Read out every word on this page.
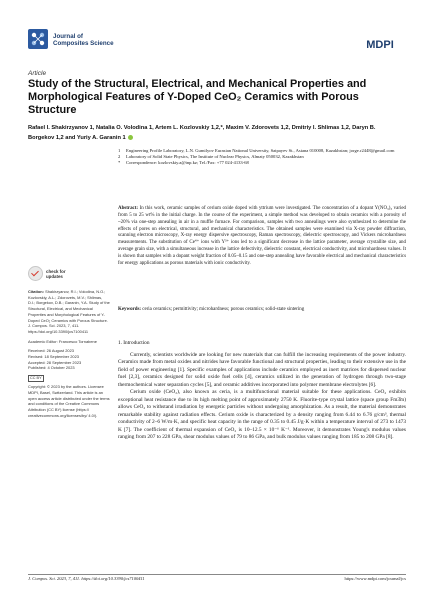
Journal of
Composites Science	MDPI
Article
Study of the Structural, Electrical, and Mechanical Properties and Morphological Features of Y-Doped CeO₂ Ceramics with Porous Structure
Rafael I. Shakirzyanov 1, Natalia O. Volodina 1, Artem L. Kozlovskiy 1,2,*, Maxim V. Zdorovets 1,2, Dmitriy I. Shlimas 1,2, Daryn B. Borgekov 1,2 and Yuriy A. Garanin 1
1	Engineering Profile Laboratory, L.N. Gumilyov Eurasian National University, Satpayev St., Astana 010008, Kazakhstan; jorge.r2448@gmail.com
2	Laboratory of Solid State Physics, The Institute of Nuclear Physics, Almaty 050032, Kazakhstan
*	Correspondence: kozlovskiy.a@inp.kz; Tel./Fax: +77 024-4133-68
Abstract: In this work, ceramic samples of cerium oxide doped with yttrium were investigated. The concentration of a dopant Y(NO₃)₃ varied from 5 to 25 wt% in the initial charge. In the course of the experiment, a simple method was developed to obtain ceramics with a porosity of ~20% via one-step annealing in air in a muffle furnace. For comparison, samples with two annealings were also synthesized to determine the effects of pores on electrical, structural, and mechanical characteristics. The obtained samples were examined via X-ray powder diffraction, scanning electron microscopy, X-ray energy dispersive spectroscopy, Raman spectroscopy, dielectric spectroscopy, and Vickers microhardness measurements. The substitution of Ce⁴⁺ ions with Y³⁺ ions led to a significant decrease in the lattice parameter, average crystallite size, and average grain size, with a simultaneous increase in the lattice defectivity, dielectric constant, electrical conductivity, and microhardness values. It is shown that samples with a dopant weight fraction of 0.05–0.15 and one-step annealing have favorable electrical and mechanical characteristics for energy applications as porous materials with ionic conductivity.
Keywords: ceria ceramics; permittivity; microhardness; porous ceramics; solid-state sintering
check for
updates
Citation: Shakirzyanov, R.I.; Volodina, N.O.; Kozlovskiy, A.L.; Zdorovets, M.V.; Shlimas, D.I.; Borgekov, D.B.; Garanin, Y.A. Study of the Structural, Electrical, and Mechanical Properties and Morphological Features of Y-Doped CeO₂ Ceramics with Porous Structure. J. Compos. Sci. 2023, 7, 411. https://doi.org/10.3390/jcs7100411
Academic Editor: Francesco Tornabene
Received: 26 August 2023
Revised: 18 September 2023
Accepted: 28 September 2023
Published: 4 October 2023
CC BY
Copyright: © 2023 by the authors. Licensee MDPI, Basel, Switzerland. This article is an open access article distributed under the terms and conditions of the Creative Commons Attribution (CC BY) license (https:// creativecommons.org/licenses/by/ 4.0/).
1. Introduction

Currently, scientists worldwide are looking for new materials that can fulfill the increasing requirements of the power industry. Ceramics made from metal oxides and nitrides have favorable functional and structural properties, leading to their extensive use in the field of power engineering [1]. Specific examples of applications include ceramics employed as inert matrices for dispersed nuclear fuel [2,3], ceramics designed for solid oxide fuel cells [4], ceramics utilized in the generation of hydrogen through two-stage thermochemical water separation cycles [5], and ceramic additives incorporated into polymer membrane electrolytes [6].

Cerium oxide (CeO₂), also known as ceria, is a multifunctional material suitable for these applications. CeO₂ exhibits exceptional heat resistance due to its high melting point of approximately 2750 K. Fluorite-type crystal lattice (space group Fm3̄m) allows CeO₂ to withstand irradiation by energetic particles without undergoing amorphization. As a result, the material demonstrates remarkable stability against radiation effects. Cerium oxide is characterized by a density ranging from 6.44 to 6.76 g/cm³, thermal conductivity of 2–6 W/m·K, and specific heat capacity in the range of 0.35 to 0.45 J/g·K within a temperature interval of 273 to 1473 K [7]. The coefficient of thermal expansion of CeO₂ is 10–12.5 × 10⁻⁶ K⁻¹. Moreover, it demonstrates Young's modulus values ranging from 207 to 228 GPa, shear modulus values of 79 to 86 GPa, and bulk modulus values ranging from 185 to 208 GPa [8].

J. Compos. Sci. 2023, 7, 411. https://doi.org/10.3390/jcs7100411	https://www.mdpi.com/journal/jcs
